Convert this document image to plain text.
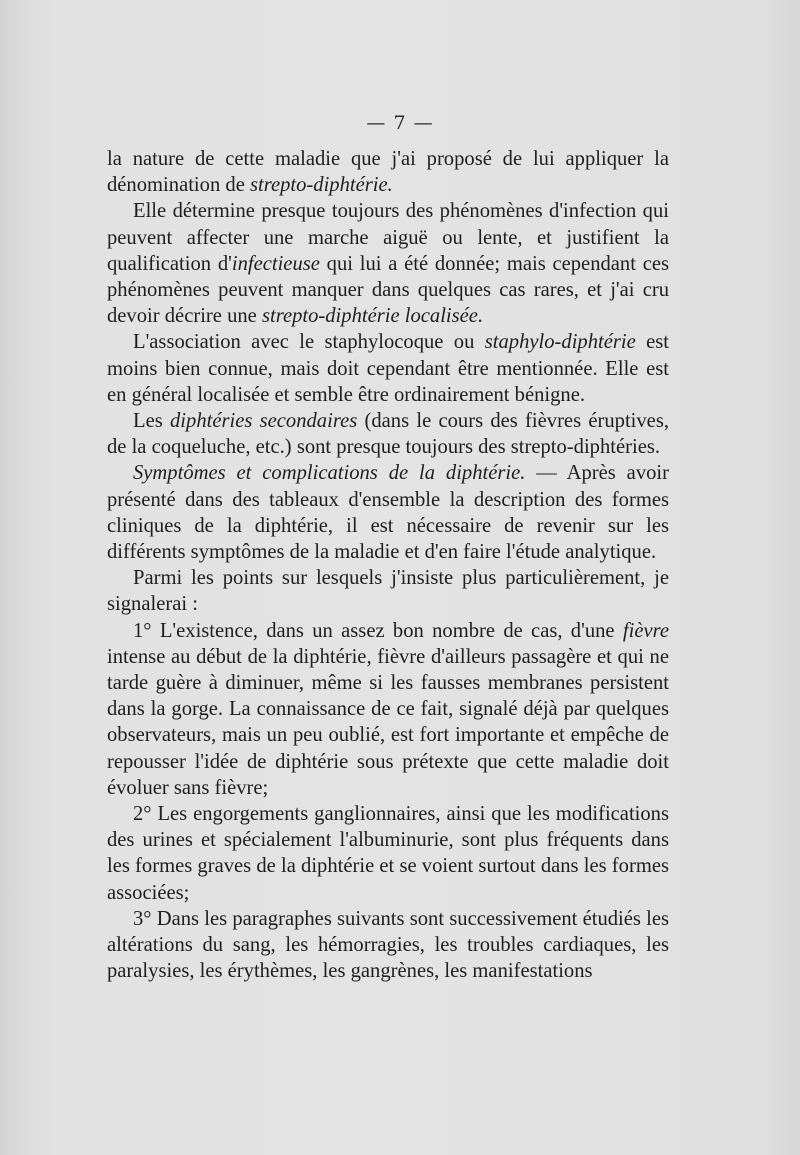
— 7 —

la nature de cette maladie que j'ai proposé de lui appliquer la dénomination de strepto-diphtérie.

Elle détermine presque toujours des phénomènes d'infection qui peuvent affecter une marche aiguë ou lente, et justifient la qualification d'infectieuse qui lui a été donnée; mais cependant ces phénomènes peuvent manquer dans quelques cas rares, et j'ai cru devoir décrire une strepto-diphtérie localisée.

L'association avec le staphylocoque ou staphylo-diphtérie est moins bien connue, mais doit cependant être mentionnée. Elle est en général localisée et semble être ordinairement bénigne.

Les diphtéries secondaires (dans le cours des fièvres éruptives, de la coqueluche, etc.) sont presque toujours des strepto-diphtéries.

Symptômes et complications de la diphtérie. — Après avoir présenté dans des tableaux d'ensemble la description des formes cliniques de la diphtérie, il est nécessaire de revenir sur les différents symptômes de la maladie et d'en faire l'étude analytique.

Parmi les points sur lesquels j'insiste plus particulièrement, je signalerai :

1° L'existence, dans un assez bon nombre de cas, d'une fièvre intense au début de la diphtérie, fièvre d'ailleurs passagère et qui ne tarde guère à diminuer, même si les fausses membranes persistent dans la gorge. La connaissance de ce fait, signalé déjà par quelques observateurs, mais un peu oublié, est fort importante et empêche de repousser l'idée de diphtérie sous prétexte que cette maladie doit évoluer sans fièvre;

2° Les engorgements ganglionnaires, ainsi que les modifications des urines et spécialement l'albuminurie, sont plus fréquents dans les formes graves de la diphtérie et se voient surtout dans les formes associées;

3° Dans les paragraphes suivants sont successivement étudiés les altérations du sang, les hémorragies, les troubles cardiaques, les paralysies, les érythèmes, les gangrènes, les manifestations
